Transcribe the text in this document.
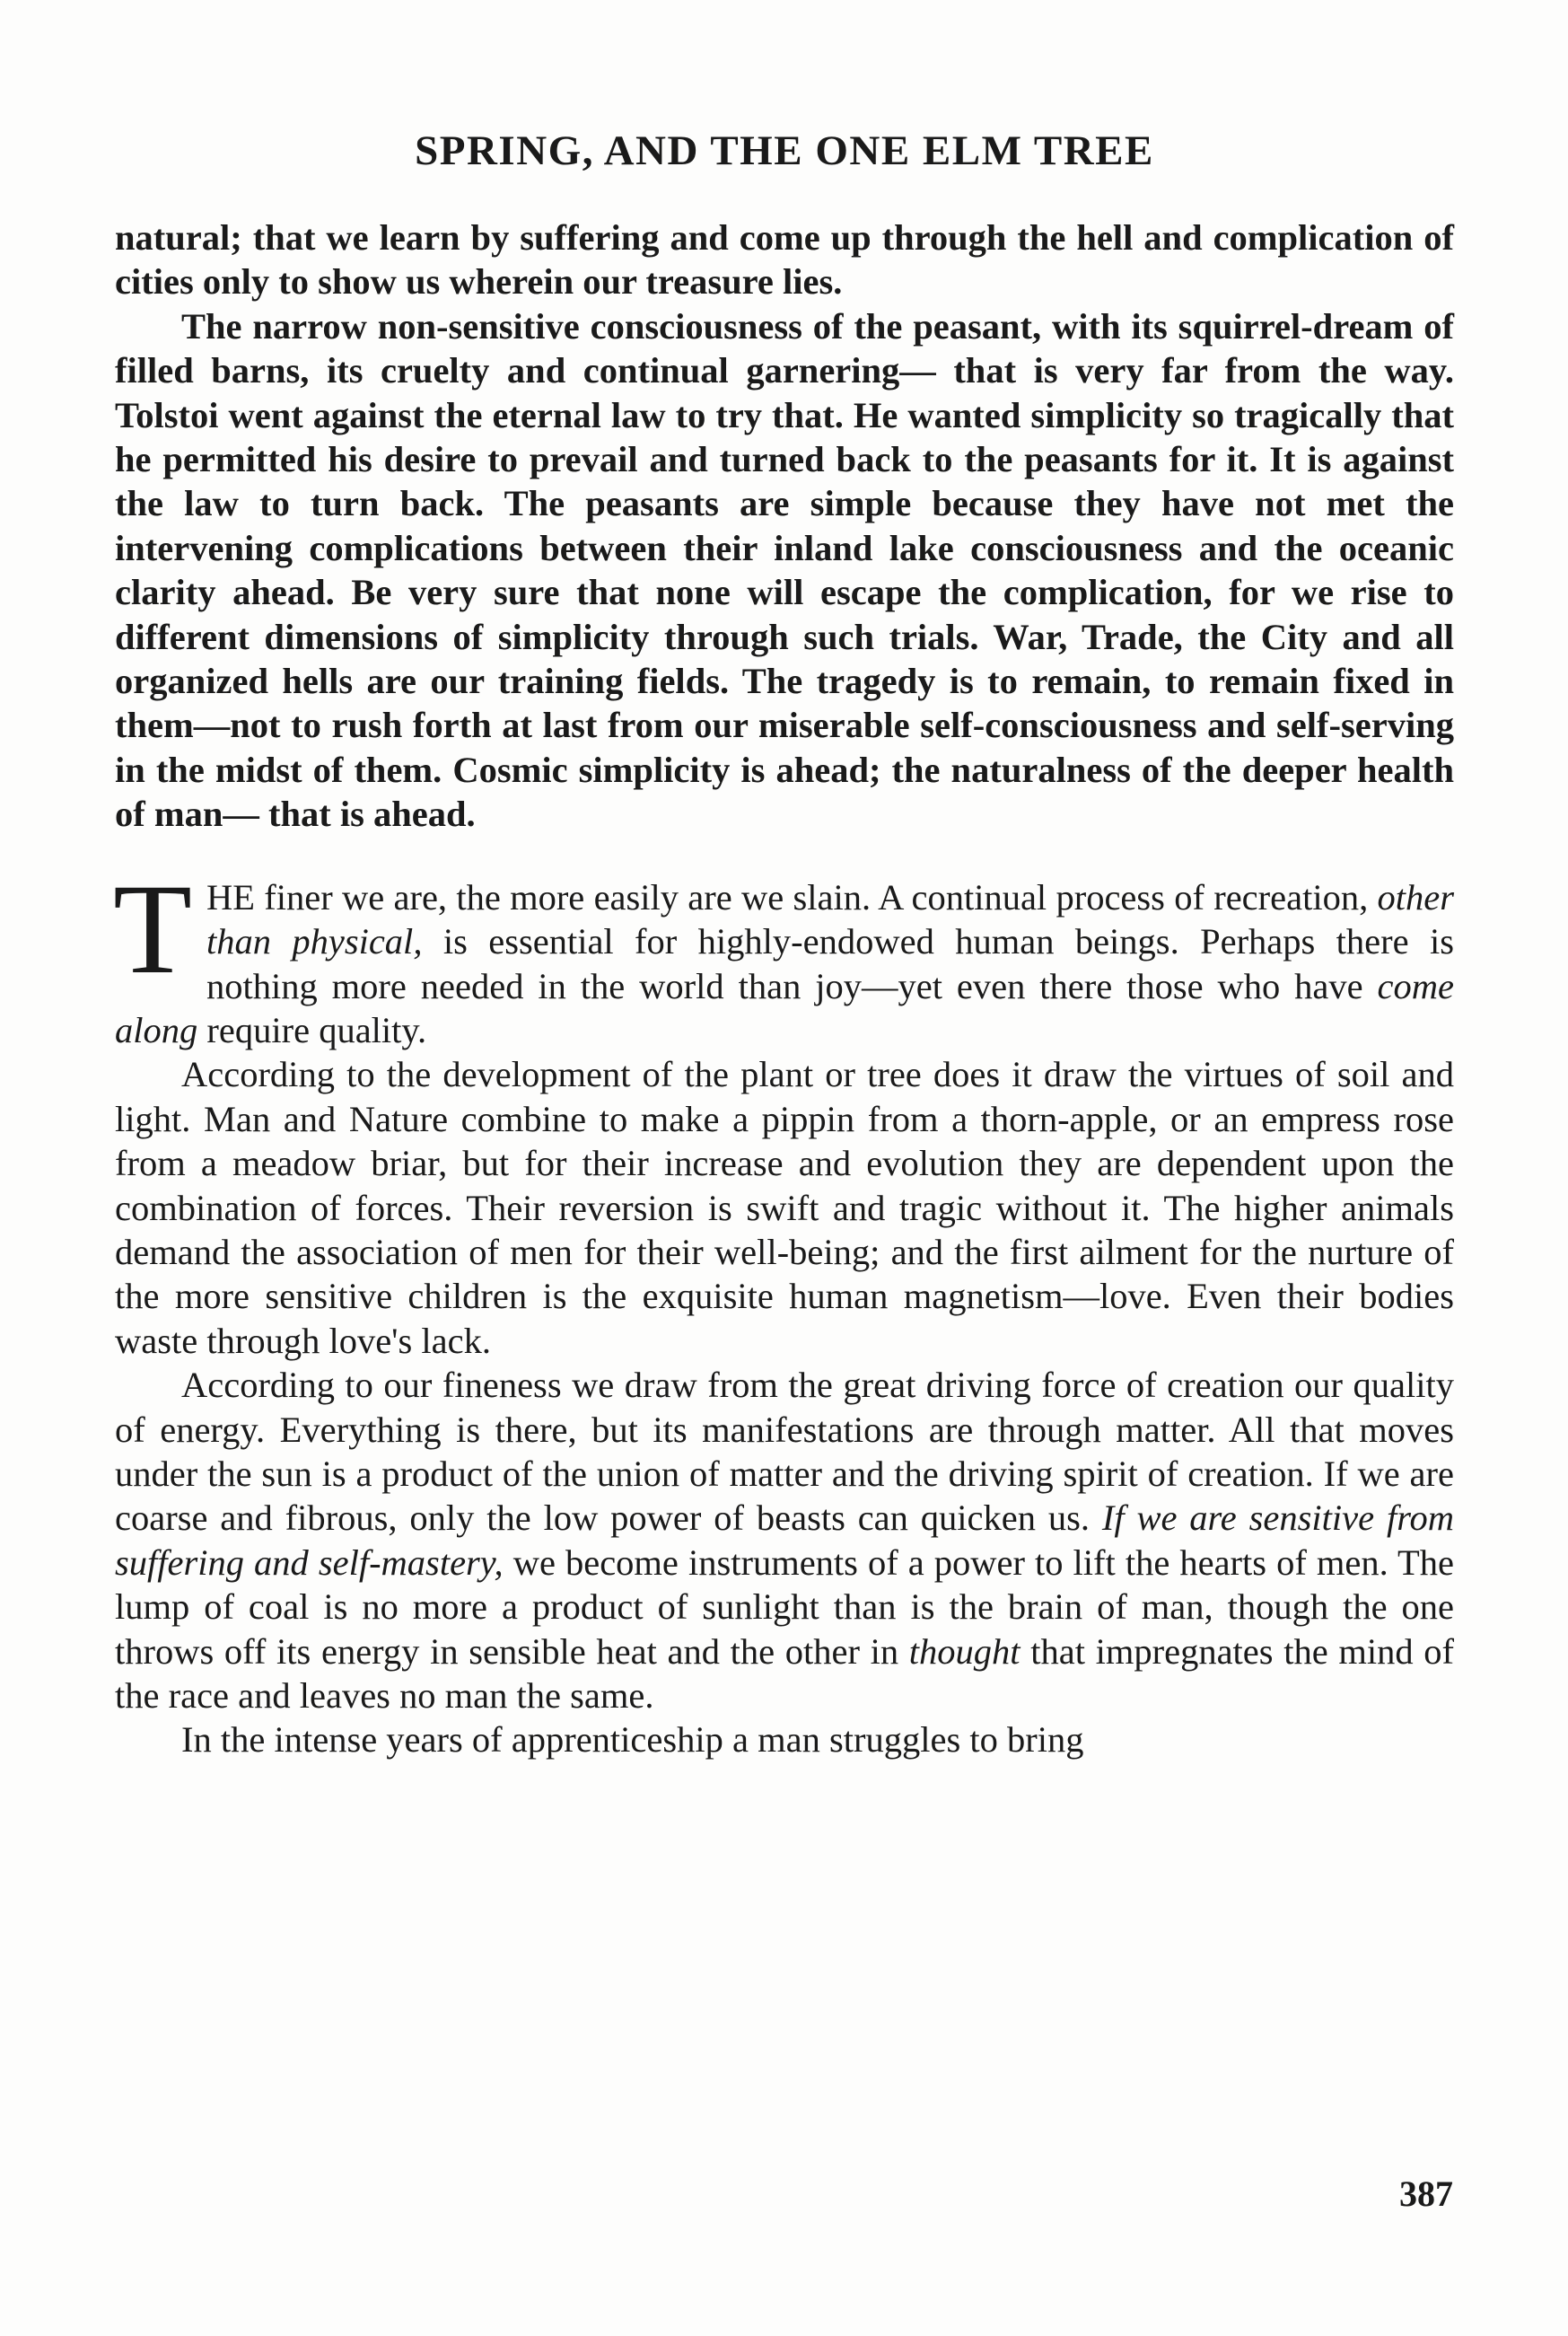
SPRING, AND THE ONE ELM TREE

natural; that we learn by suffering and come up through the hell and complication of cities only to show us wherein our treasure lies.

The narrow non-sensitive consciousness of the peasant, with its squirrel-dream of filled barns, its cruelty and continual garnering— that is very far from the way. Tolstoi went against the eternal law to try that. He wanted simplicity so tragically that he permitted his desire to prevail and turned back to the peasants for it. It is against the law to turn back. The peasants are simple because they have not met the intervening complications between their inland lake consciousness and the oceanic clarity ahead. Be very sure that none will escape the complication, for we rise to different dimensions of simplicity through such trials. War, Trade, the City and all organized hells are our training fields. The tragedy is to remain, to remain fixed in them—not to rush forth at last from our miserable self-consciousness and self-serving in the midst of them. Cosmic simplicity is ahead; the naturalness of the deeper health of man— that is ahead.

THE finer we are, the more easily are we slain. A continual process of recreation, other than physical, is essential for highly-endowed human beings. Perhaps there is nothing more needed in the world than joy—yet even there those who have come along require quality.

According to the development of the plant or tree does it draw the virtues of soil and light. Man and Nature combine to make a pippin from a thorn-apple, or an empress rose from a meadow briar, but for their increase and evolution they are dependent upon the combination of forces. Their reversion is swift and tragic without it. The higher animals demand the association of men for their well-being; and the first ailment for the nurture of the more sensitive children is the exquisite human magnetism—love. Even their bodies waste through love's lack.

According to our fineness we draw from the great driving force of creation our quality of energy. Everything is there, but its manifestations are through matter. All that moves under the sun is a product of the union of matter and the driving spirit of creation. If we are coarse and fibrous, only the low power of beasts can quicken us. If we are sensitive from suffering and self-mastery, we become instruments of a power to lift the hearts of men. The lump of coal is no more a product of sunlight than is the brain of man, though the one throws off its energy in sensible heat and the other in thought that impregnates the mind of the race and leaves no man the same.

In the intense years of apprenticeship a man struggles to bring

387
